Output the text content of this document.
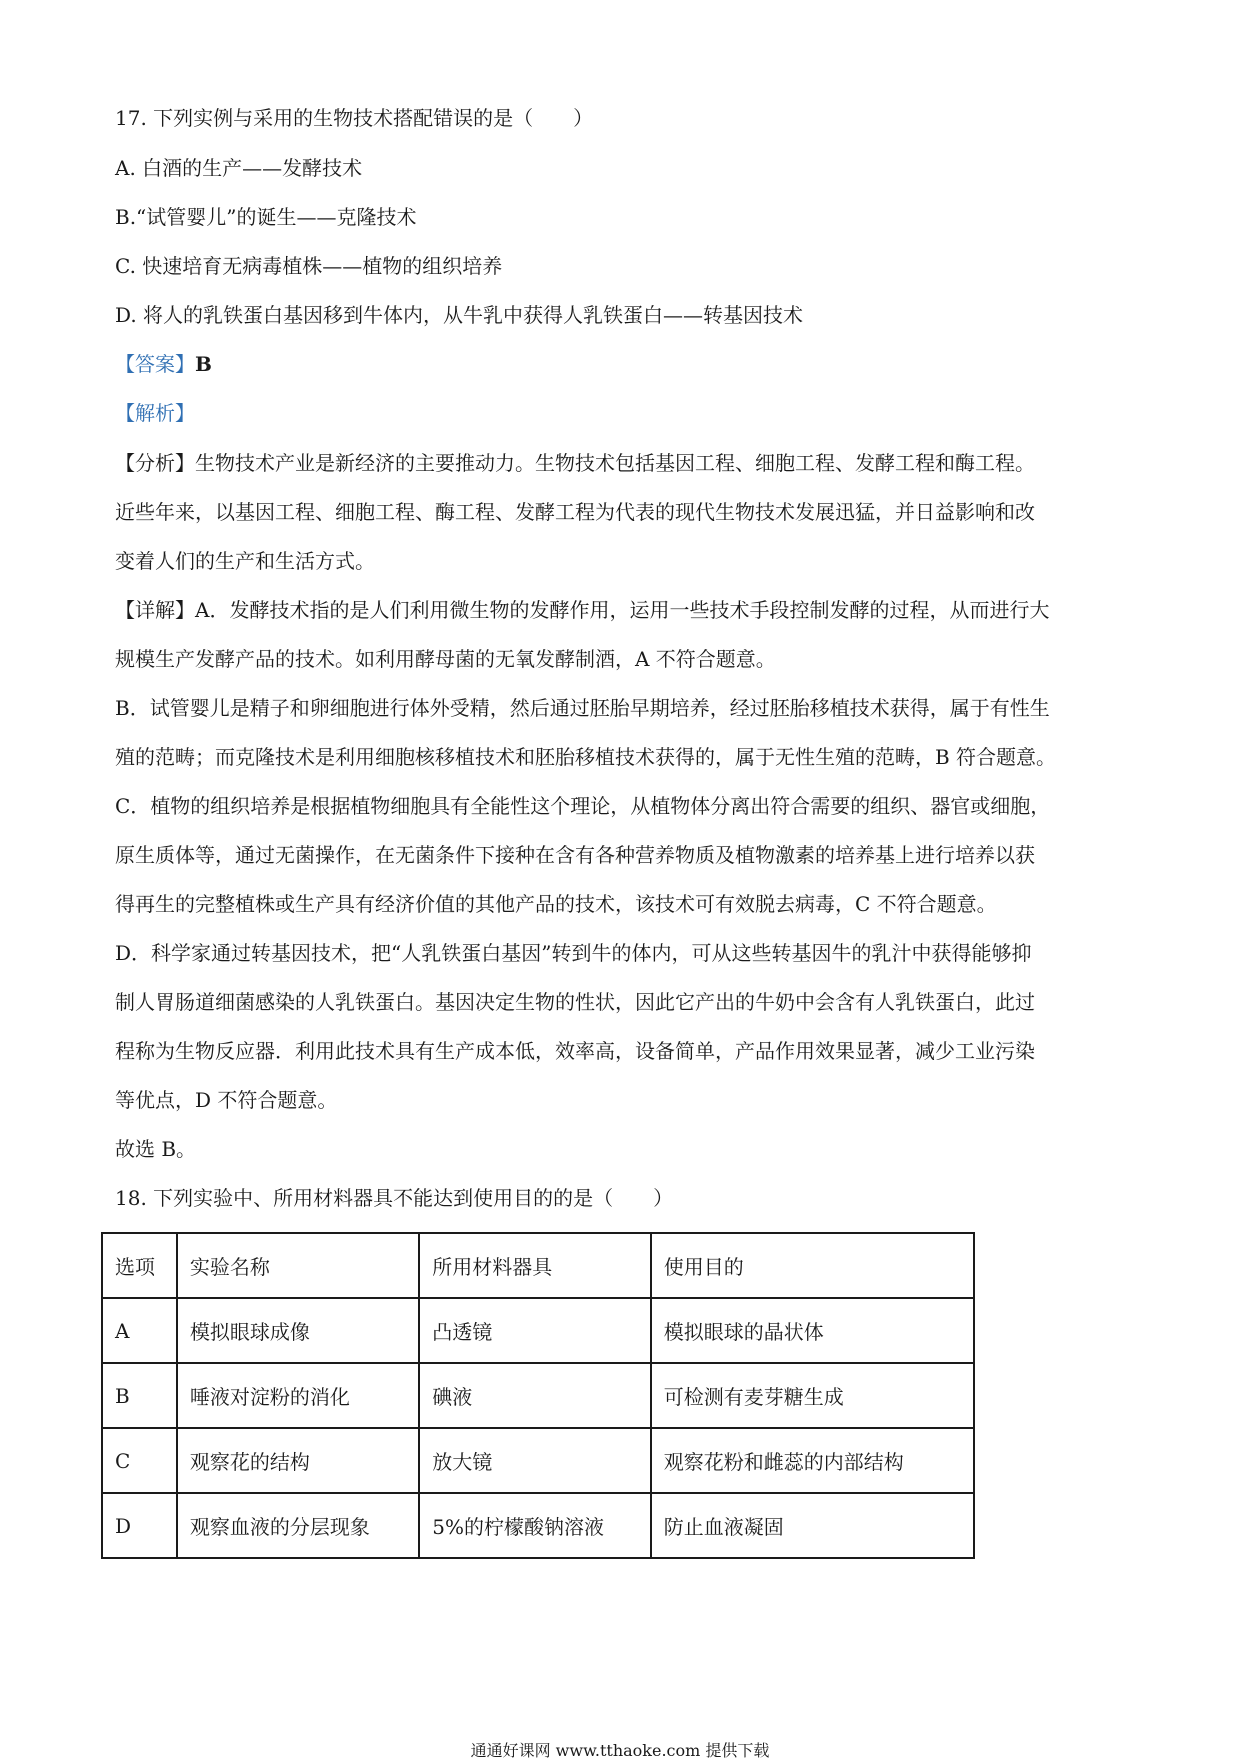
17. 下列实例与采用的生物技术搭配错误的是（　　）
A. 白酒的生产——发酵技术
B.“试管婴儿”的诞生——克隆技术
C. 快速培育无病毒植株——植物的组织培养
D. 将人的乳铁蛋白基因移到牛体内，从牛乳中获得人乳铁蛋白——转基因技术
【答案】B
【解析】
【分析】生物技术产业是新经济的主要推动力。生物技术包括基因工程、细胞工程、发酵工程和酶工程。
近些年来，以基因工程、细胞工程、酶工程、发酵工程为代表的现代生物技术发展迅猛，并日益影响和改
变着人们的生产和生活方式。
【详解】A．发酵技术指的是人们利用微生物的发酵作用，运用一些技术手段控制发酵的过程，从而进行大
规模生产发酵产品的技术。如利用酵母菌的无氧发酵制酒，A 不符合题意。
B．试管婴儿是精子和卵细胞进行体外受精，然后通过胚胎早期培养，经过胚胎移植技术获得，属于有性生
殖的范畴；而克隆技术是利用细胞核移植技术和胚胎移植技术获得的，属于无性生殖的范畴，B 符合题意。
C．植物的组织培养是根据植物细胞具有全能性这个理论，从植物体分离出符合需要的组织、器官或细胞，
原生质体等，通过无菌操作，在无菌条件下接种在含有各种营养物质及植物激素的培养基上进行培养以获
得再生的完整植株或生产具有经济价值的其他产品的技术，该技术可有效脱去病毒，C 不符合题意。
D．科学家通过转基因技术，把“人乳铁蛋白基因”转到牛的体内，可从这些转基因牛的乳汁中获得能够抑
制人胃肠道细菌感染的人乳铁蛋白。基因决定生物的性状，因此它产出的牛奶中会含有人乳铁蛋白，此过
程称为生物反应器．利用此技术具有生产成本低，效率高，设备简单，产品作用效果显著，减少工业污染
等优点，D 不符合题意。
故选 B。
18. 下列实验中、所用材料器具不能达到使用目的的是（　　）
选项	实验名称	所用材料器具	使用目的
A	模拟眼球成像	凸透镜	模拟眼球的晶状体
B	唾液对淀粉的消化	碘液	可检测有麦芽糖生成
C	观察花的结构	放大镜	观察花粉和雌蕊的内部结构
D	观察血液的分层现象	5%的柠檬酸钠溶液	防止血液凝固
通通好课网 www.tthaoke.com 提供下载
